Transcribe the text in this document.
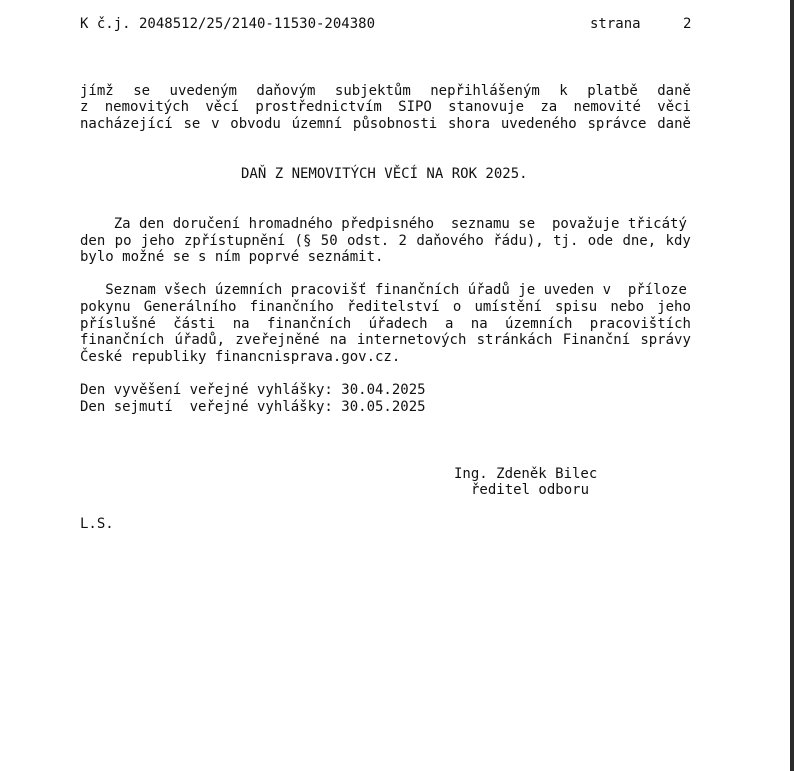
K č.j. 2048512/25/2140-11530-204380	strana	2
jímž se uvedeným daňovým subjektům nepřihlášeným k platbě daně
z nemovitých věcí prostřednictvím SIPO stanovuje za nemovité věci
nacházející se v obvodu územní působnosti shora uvedeného správce daně
DAŇ Z NEMOVITÝCH VĚCÍ NA ROK 2025.
Za den doručení hromadného předpisného  seznamu se  považuje třicátý
den po jeho zpřístupnění (§ 50 odst. 2 daňového řádu), tj. ode dne, kdy
bylo možné se s ním poprvé seznámit.
Seznam všech územních pracovišť finančních úřadů je uveden v  příloze
pokynu Generálního finančního ředitelství o umístění spisu nebo jeho
příslušné části na finančních úřadech a na územních pracovištích
finančních úřadů, zveřejněné na internetových stránkách Finanční správy
České republiky financnisprava.gov.cz.
Den vyvěšení veřejné vyhlášky: 30.04.2025
Den sejmutí  veřejné vyhlášky: 30.05.2025
Ing. Zdeněk Bilec
ředitel odboru
L.S.
